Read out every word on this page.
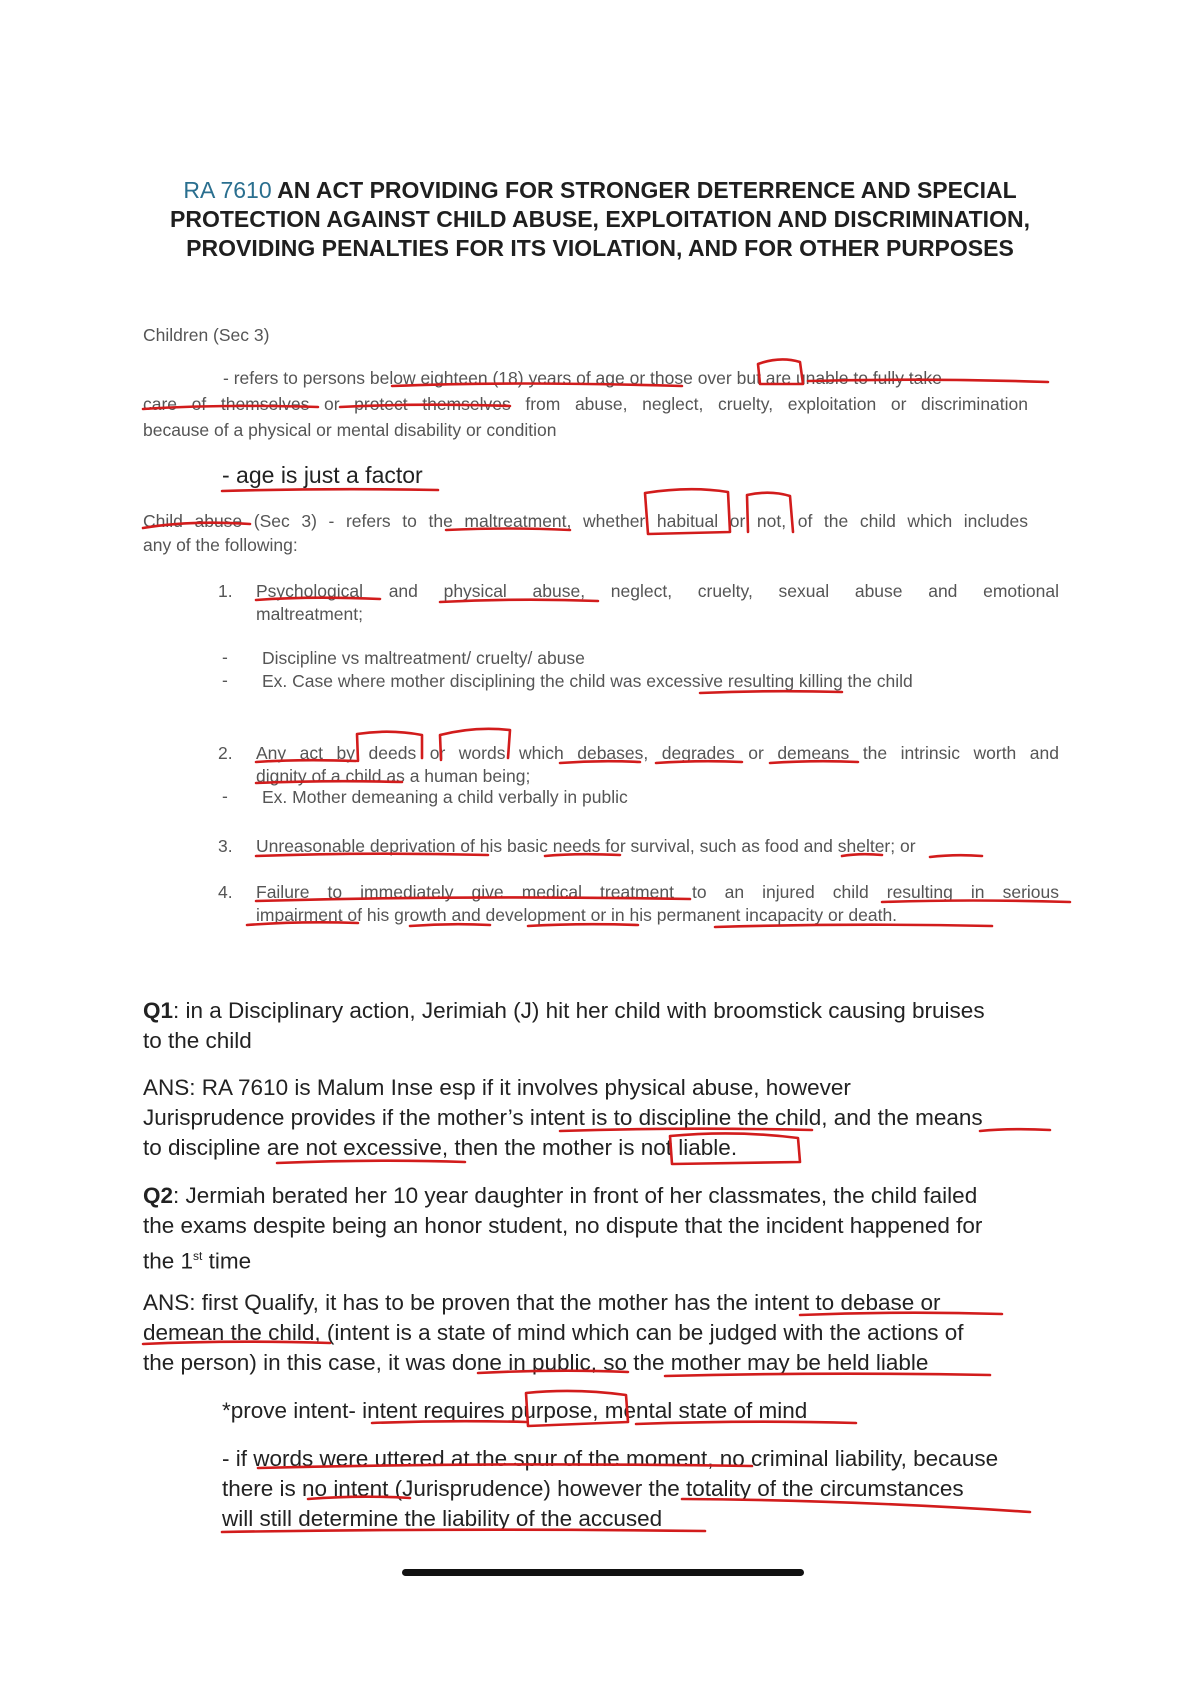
RA 7610 AN ACT PROVIDING FOR STRONGER DETERRENCE AND SPECIAL
PROTECTION AGAINST CHILD ABUSE, EXPLOITATION AND DISCRIMINATION,
PROVIDING PENALTIES FOR ITS VIOLATION, AND FOR OTHER PURPOSES
Children (Sec 3)
- refers to persons below eighteen (18) years of age or those over but are unable to fully take
care of themselves or protect themselves from abuse, neglect, cruelty, exploitation or discrimination
because of a physical or mental disability or condition
- age is just a factor
Child abuse (Sec 3) - refers to the maltreatment, whether habitual or not, of the child which includes
any of the following:
1. Psychological and physical abuse, neglect, cruelty, sexual abuse and emotional
maltreatment;
- Discipline vs maltreatment/ cruelty/ abuse
- Ex. Case where mother disciplining the child was excessive resulting killing the child
2. Any act by deeds or words which debases, degrades or demeans the intrinsic worth and
dignity of a child as a human being;
- Ex. Mother demeaning a child verbally in public
3. Unreasonable deprivation of his basic needs for survival, such as food and shelter; or
4. Failure to immediately give medical treatment to an injured child resulting in serious
impairment of his growth and development or in his permanent incapacity or death.
Q1: in a Disciplinary action, Jerimiah (J) hit her child with broomstick causing bruises
to the child
ANS: RA 7610 is Malum Inse esp if it involves physical abuse, however
Jurisprudence provides if the mother’s intent is to discipline the child, and the means
to discipline are not excessive, then the mother is not liable.
Q2: Jermiah berated her 10 year daughter in front of her classmates, the child failed
the exams despite being an honor student, no dispute that the incident happened for
the 1st time
ANS: first Qualify, it has to be proven that the mother has the intent to debase or
demean the child, (intent is a state of mind which can be judged with the actions of
the person) in this case, it was done in public, so the mother may be held liable
*prove intent- intent requires purpose, mental state of mind
- if words were uttered at the spur of the moment, no criminal liability, because
there is no intent (Jurisprudence) however the totality of the circumstances
will still determine the liability of the accused
